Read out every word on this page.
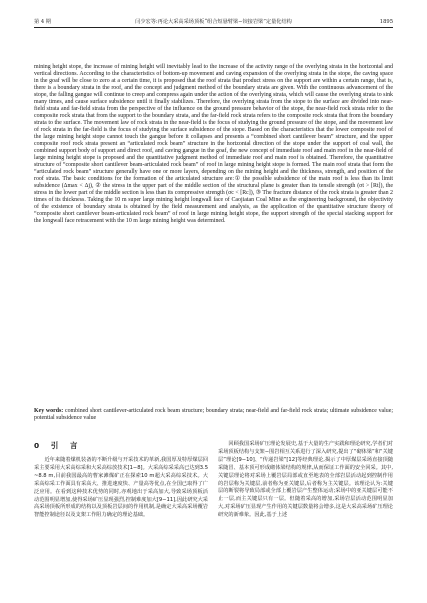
第 4 期	闫少宏等:再论大采高采场顶板“组合短悬臂梁−铰接岩梁”定量化结构	1895

mining height stope, the increase of mining height will inevitably lead to the increase of the activity range of the overlying strata in the horizontal and vertical directions. According to the characteristics of bottom-up movement and caving expansion of the overlying strata in the stope, the caving space in the goaf will be close to zero at a certain time, it is proposed that the roof strata that product stress on the support are within a certain range, that is, there is a boundary strata in the roof, and the concept and judgment method of the boundary strata are given. With the continuous advancement of the stope, the falling gangue will continue to creep and compress again under the action of the overlying strata, which will cause the overlying strata to sink many times, and cause surface subsidence until it finally stabilizes. Therefore, the overlying strata from the stope to the surface are divided into near-field strata and far-field strata from the perspective of the influence on the ground pressure behavior of the stope, the near-field rock strata refer to the composite rock strata that from the support to the boundary strata, and the far-field rock strata refers to the composite rock strata that from the boundary strata to the surface. The movement law of rock strata in the near-field is the focus of studying the ground pressure of the stope, and the movement law of rock strata in the far-field is the focus of studying the surface subsidence of the stope. Based on the characteristics that the lower composite roof of the large mining height stope cannot touch the gangue before it collapses and presents a “combined short cantilever beam” structure, and the upper composite roof rock strata present an “articulated rock beam” structure in the horizontal direction of the stope under the support of coal wall, the combined support body of support and direct roof, and caving gangue in the goaf, the new concept of immediate roof and main roof in the near-field of large mining height stope is proposed and the quantitative judgment method of immediate roof and main roof is obtained. Therefore, the quantitative structure of “composite short cantilever beam-articulated rock beam” of roof in large mining height stope is formed. The main roof strata that form the “articulated rock beam” structure generally have one or more layers, depending on the mining height and the thickness, strength, and position of the roof strata. The basic conditions for the formation of the articulated structure are:① the possible subsidence of the main roof is less than its limit subsidence (Δmax < Δj), ② the stress in the upper part of the middle section of the structural plane is greater than its tensile strength (σt > [Rt]), the stress in the lower part of the middle section is less than its compressive strength (σc < [Rc]), ③ The fracture distance of the rock strata is greater than 2 times of its thickness. Taking the 10 m super large mining height longwall face of Caojiatan Coal Mine as the engineering background, the objectivity of the existence of boundary strata is obtained by the field measurement and analysis, as the application of the quantitative structure theory of “composite short cantilever beam-articulated rock beam” of roof in large mining height stope, the support strength of the special stacking support for the longwall face retracement with the 10 m large mining height was determined.

Key words: combined short cantilever-articulated rock beam structure; boundary strata; near-field and far-field rock strata; ultimate subsidence value; potential subsidence value

0 引 言

　　近年来随着煤机装备的不断升级与开采技术的革新,我国厚及特厚煤层回采主要采用大采高综采和大采高综放技术[1−8]。大采高综采采高已达到3.5~8.8 m,目前我国最高的曹家滩煤矿正在探索10 m超大采高综采技术。大采高综采工作面具有采高大、推进速度快、产量高等优点,在全国已取得了广泛应用。在看到这种技术优势的同时,亦观地出于采高加大,导致采场顶板活动范围明显增加,使得采场矿压显现强烈,控制难度加大[9−11],因此研究大采高采场顶板所形成的结构以及顶板岩层间的作用机制,是确定大采高采场覆岩智能控制途径以及支架工作阻力确定的理论基础。

　　回顾我国采场矿压理论发展史,基于大量的生产实践和理论研究,学者们对采场顶板结构与支架−围岩相互关系进行了深入研究,提出了“砌体梁”和“关键层”理论[9−10]、“传递岩梁”[12]等经典理论,揭示了中厚煤层采场直接顶随采随冒、基本顶可形成砌体梁结构的规律,从而保证工作面的安全回采。其中,关键层理论将对采场上覆岩层局部或直至地表的全部岩层活动起到控制作用的岩层称为关键层,前者称为亚关键层,后者称为主关键层。该理论认为:关键层的断裂将导致局部或全部上覆岩层产生整体运动;采场中的亚关键层可能不止一层,而主关键层只有一层。但随着采高的增加,采场岩层活动范围明显加大,对采场矿压显现产生作用的关键层数量将会增多,这是大采高采场矿压理论研究的新难象。因此,基于上述
